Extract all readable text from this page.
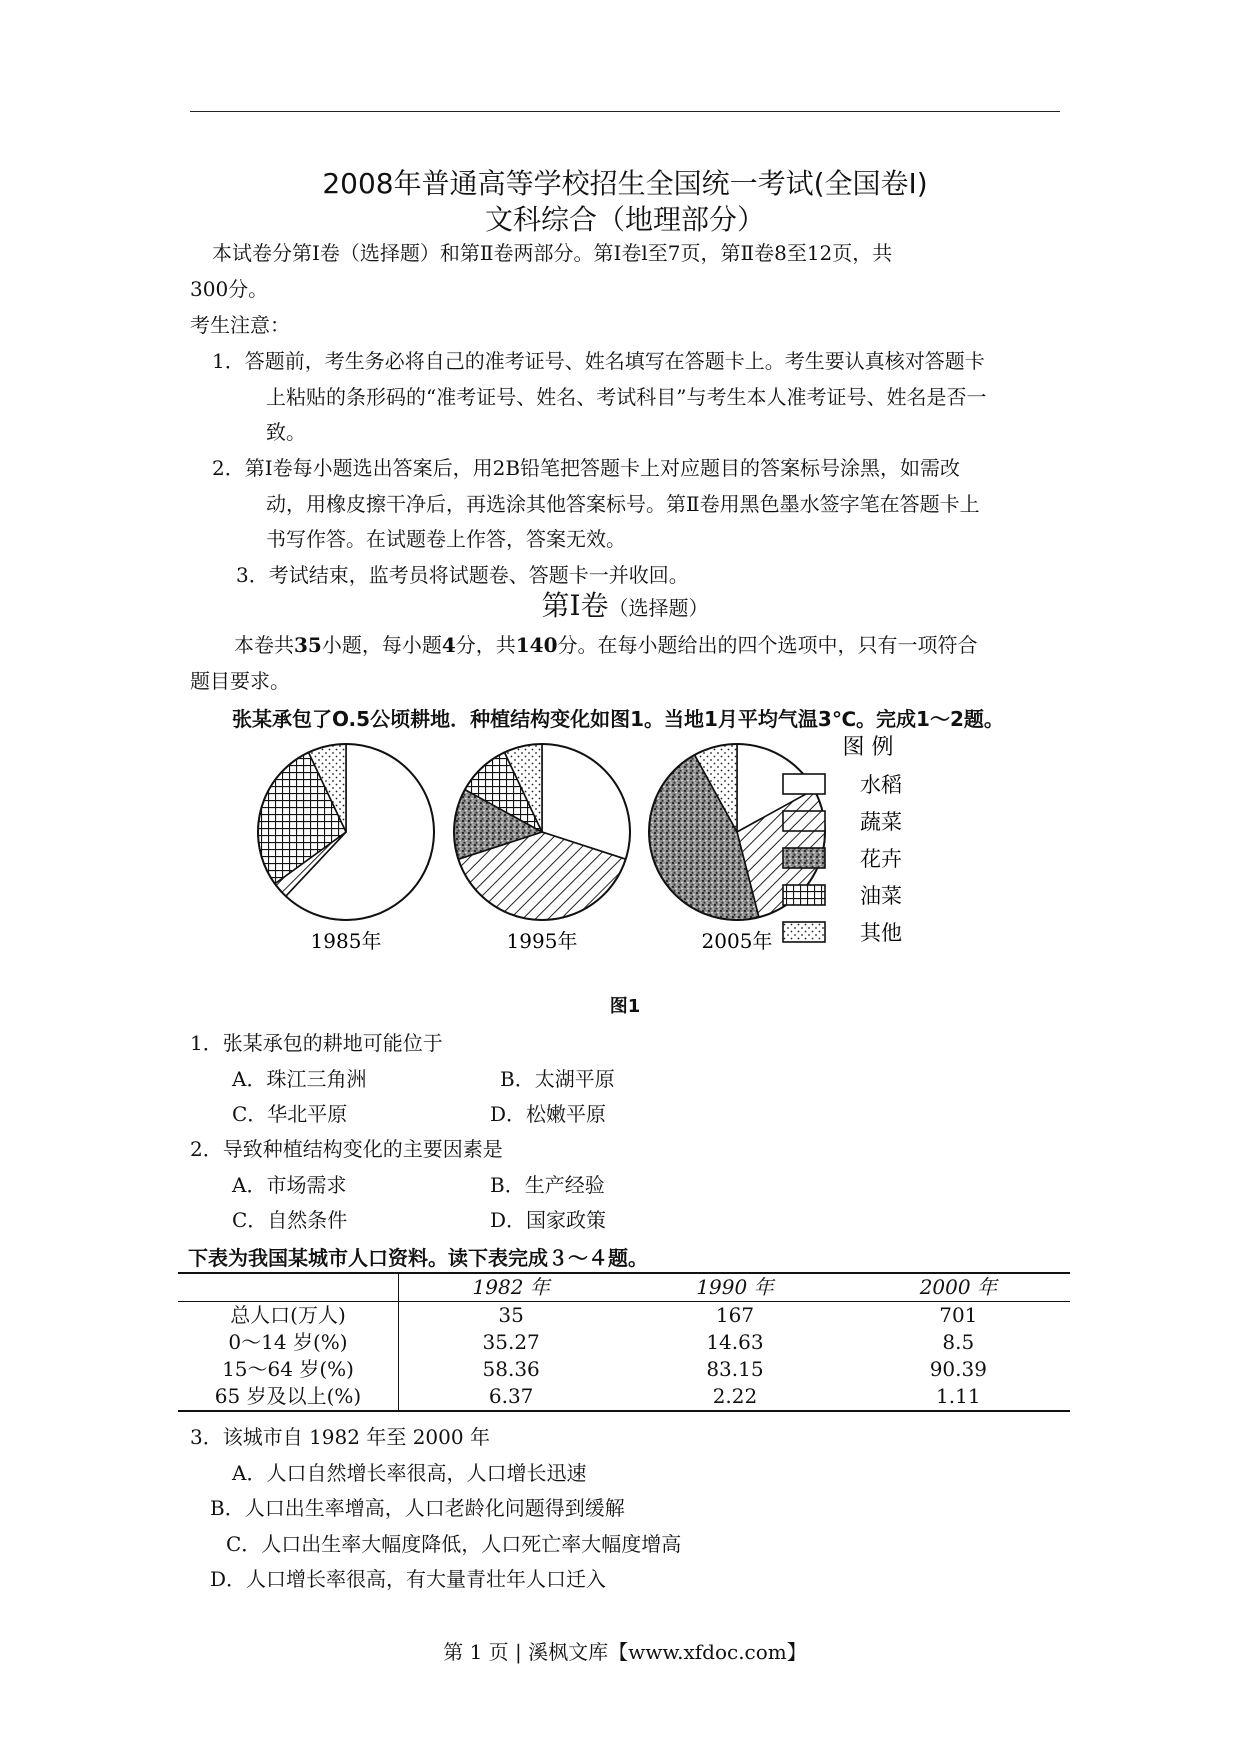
2008年普通高等学校招生全国统一考试(全国卷Ⅰ)
文科综合（地理部分）
本试卷分第Ⅰ卷（选择题）和第Ⅱ卷两部分。第Ⅰ卷l至7页，第Ⅱ卷8至12页，共
300分。
考生注意：
1．答题前，考生务必将自己的准考证号、姓名填写在答题卡上。考生要认真核对答题卡
上粘贴的条形码的“准考证号、姓名、考试科目”与考生本人准考证号、姓名是否一
致。
2．第Ⅰ卷每小题选出答案后，用2B铅笔把答题卡上对应题目的答案标号涂黑，如需改
动，用橡皮擦干净后，再选涂其他答案标号。第Ⅱ卷用黑色墨水签字笔在答题卡上
书写作答。在试题卷上作答，答案无效。
3．考试结束，监考员将试题卷、答题卡一并收回。
第Ⅰ卷（选择题）
本卷共35小题，每小题4分，共140分。在每小题给出的四个选项中，只有一项符合
题目要求。
张某承包了O.5公顷耕地．种植结构变化如图1。当地1月平均气温3℃。完成1～2题。
1985年	1995年	2005年
图 例
水稻
蔬菜
花卉
油菜
其他
图1
1．张某承包的耕地可能位于
A．珠江三角洲	B．太湖平原
C．华北平原	D．松嫩平原
2．导致种植结构变化的主要因素是
A．市场需求	B．生产经验
C．自然条件	D．国家政策
下表为我国某城市人口资料。读下表完成３～４题。
	1982 年	1990 年	2000 年
总人口(万人)	35	167	701
0～14 岁(%)	35.27	14.63	8.5
15～64 岁(%)	58.36	83.15	90.39
65 岁及以上(%)	6.37	2.22	1.11
3．该城市自 1982 年至 2000 年
A．人口自然增长率很高，人口增长迅速
B．人口出生率增高，人口老龄化问题得到缓解
C．人口出生率大幅度降低，人口死亡率大幅度增高
D．人口增长率很高，有大量青壮年人口迁入
第 1 页 | 溪枫文库【www.xfdoc.com】
